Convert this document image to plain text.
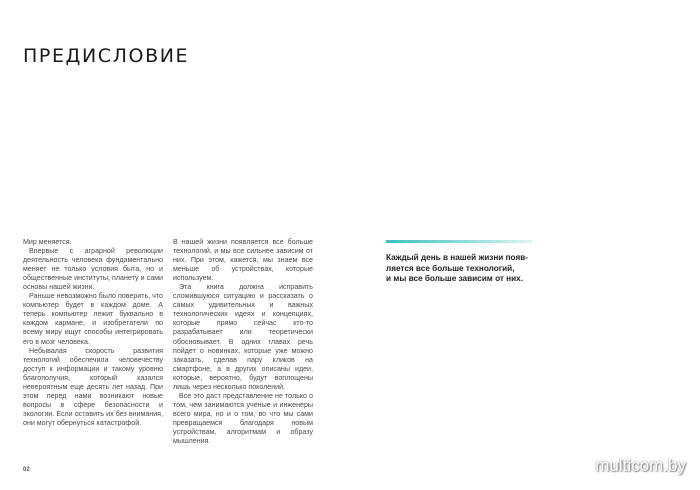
ПРЕДИСЛОВИЕ

Мир меняется.

Впервые с аграрной революции деятельность человека фундаментально меняет не только условия быта, но и общественные институты, планету и сами основы нашей жизни.

Раньше невозможно было поверить, что компьютер будет в каждом доме. А теперь компьютер лежит буквально в каждом кармане, и изобретатели по всему миру ищут способы интегрировать его в мозг человека.

Небывалая скорость развития технологий обеспечила человечеству доступ к информации и такому уровню благополучия, который казался невероятным еще десять лет назад. При этом перед нами возникают новые вопросы в сфере безопасности и экологии. Если оставить их без внимания, они могут обернуться катастрофой.

В нашей жизни появляется все больше технологий, и мы все сильнее зависим от них. При этом, кажется, мы знаем все меньше об устройствах, которые используем.

Эта книга должна исправить сложившуюся ситуацию и рассказать о самых удивительных и важных технологических идеях и концепциях, которые прямо сейчас кто-то разрабатывает или теоретически обосновывает. В одних главах речь пойдет о новинках, которые уже можно заказать, сделав пару кликов на смартфоне, а в других описаны идеи, которые, вероятно, будут воплощены лишь через несколько поколений.

Все это даст представление не только о том, чем занимаются ученые и инженеры всего мира, но и о том, во что мы сами превращаемся благодаря новым устройствам, алгоритмам и образу мышления.

Каждый день в нашей жизни появ-
ляется все больше технологий,
и мы все больше зависим от них.

02	multicom.by
